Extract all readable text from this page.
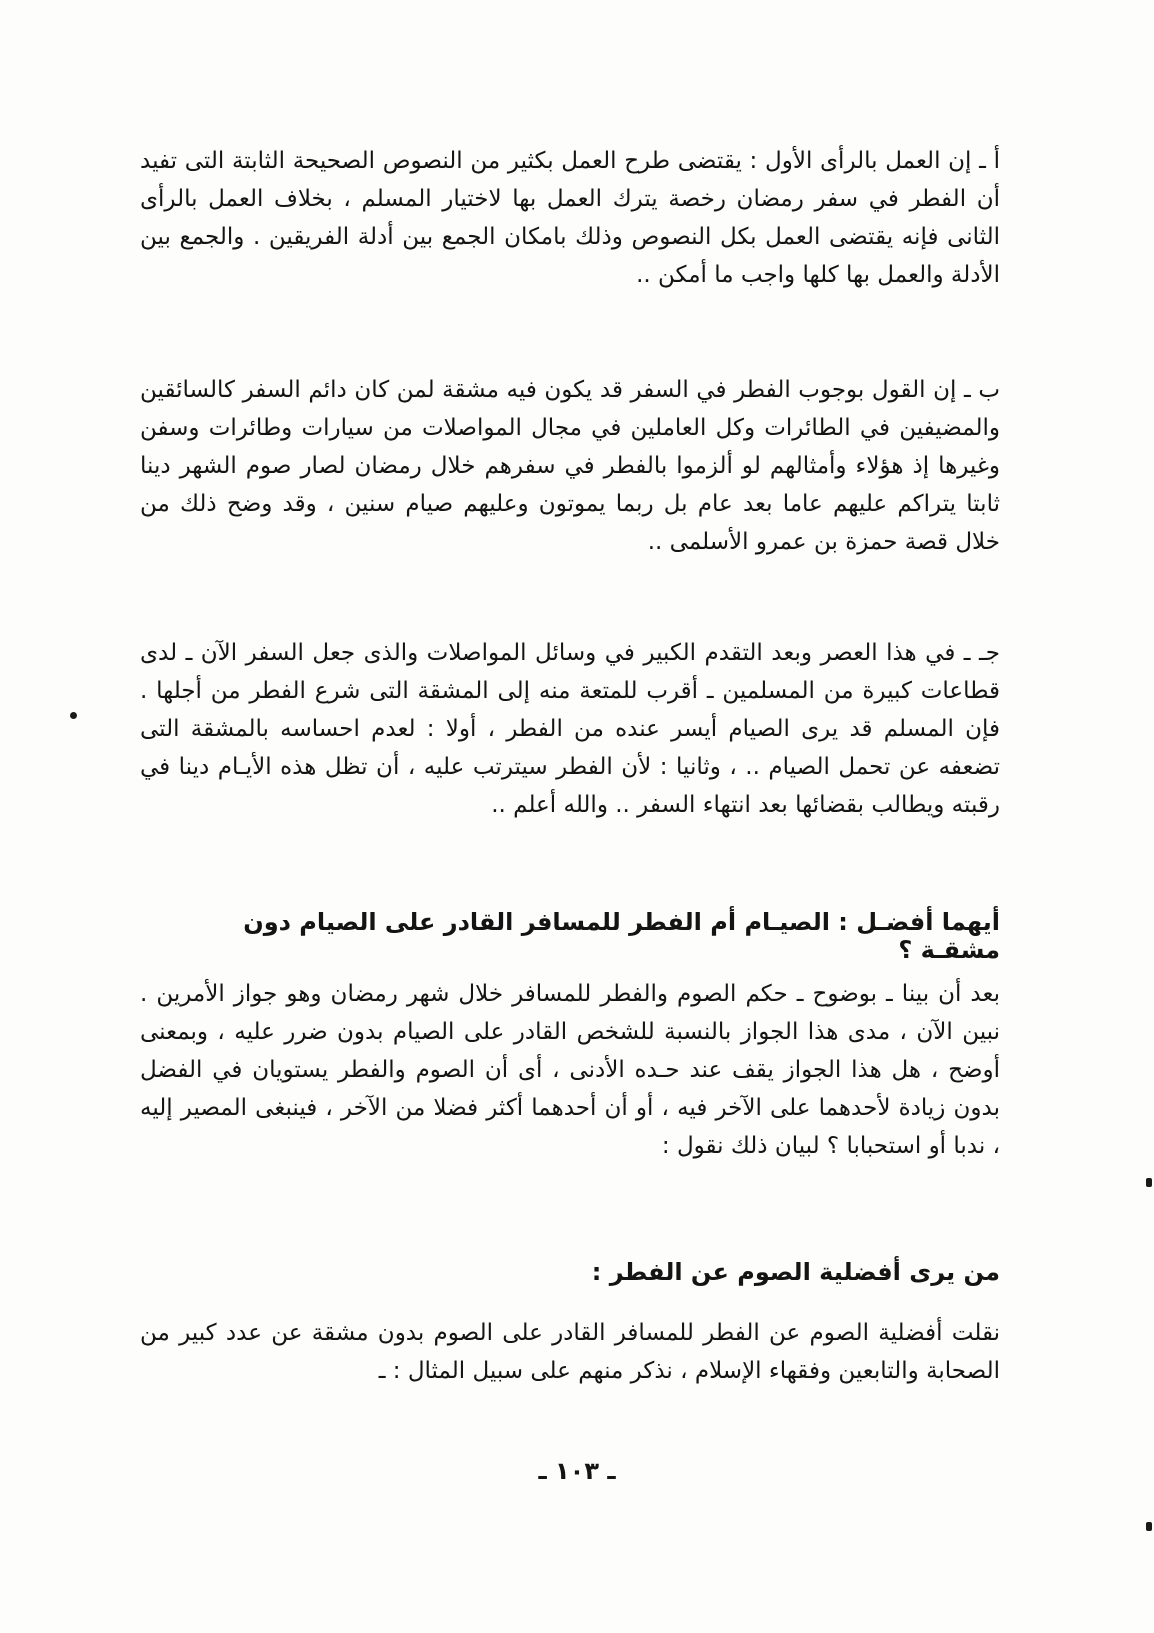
أ ـ إن العمل بالرأى الأول : يقتضى طرح العمل بكثير من النصوص الصحيحة الثابتة التى تفيد أن الفطر في سفر رمضان رخصة يترك العمل بها لاختيار المسلم ، بخلاف العمل بالرأى الثانى فإنه يقتضى العمل بكل النصوص وذلك بامكان الجمع بين أدلة الفريقين . والجمع بين الأدلة والعمل بها كلها واجب ما أمكن ..

ب ـ إن القول بوجوب الفطر في السفر قد يكون فيه مشقة لمن كان دائم السفر كالسائقين والمضيفين في الطائرات وكل العاملين في مجال المواصلات من سيارات وطائرات وسفن وغيرها إذ هؤلاء وأمثالهم لو ألزموا بالفطر في سفرهم خلال رمضان لصار صوم الشهر دينا ثابتا يتراكم عليهم عاما بعد عام بل ربما يموتون وعليهم صيام سنين ، وقد وضح ذلك من خلال قصة حمزة بن عمرو الأسلمى ..

جـ ـ في هذا العصر وبعد التقدم الكبير في وسائل المواصلات والذى جعل السفر الآن ـ لدى قطاعات كبيرة من المسلمين ـ أقرب للمتعة منه إلى المشقة التى شرع الفطر من أجلها . فإن المسلم قد يرى الصيام أيسر عنده من الفطر ، أولا : لعدم احساسه بالمشقة التى تضعفه عن تحمل الصيام .. ، وثانيا : لأن الفطر سيترتب عليه ، أن تظل هذه الأيـام دينا في رقبته ويطالب بقضائها بعد انتهاء السفر .. والله أعلم ..

أيهما أفضـل : الصيـام أم الفطر للمسافر القادر على الصيام دون مشقـة ؟

بعد أن بينا ـ بوضوح ـ حكم الصوم والفطر للمسافر خلال شهر رمضان وهو جواز الأمرين . نبين الآن ، مدى هذا الجواز بالنسبة للشخص القادر على الصيام بدون ضرر عليه ، وبمعنى أوضح ، هل هذا الجواز يقف عند حـده الأدنى ، أى أن الصوم والفطر يستويان في الفضل بدون زيادة لأحدهما على الآخر فيه ، أو أن أحدهما أكثر فضلا من الآخر ، فينبغى المصير إليه ، ندبا أو استحبابا ؟ لبيان ذلك نقول :

من يرى أفضلية الصوم عن الفطر :

نقلت أفضلية الصوم عن الفطر للمسافر القادر على الصوم بدون مشقة عن عدد كبير من الصحابة والتابعين وفقهاء الإسلام ، نذكر منهم على سبيل المثال : ـ

ـ ١٠٣ ـ
